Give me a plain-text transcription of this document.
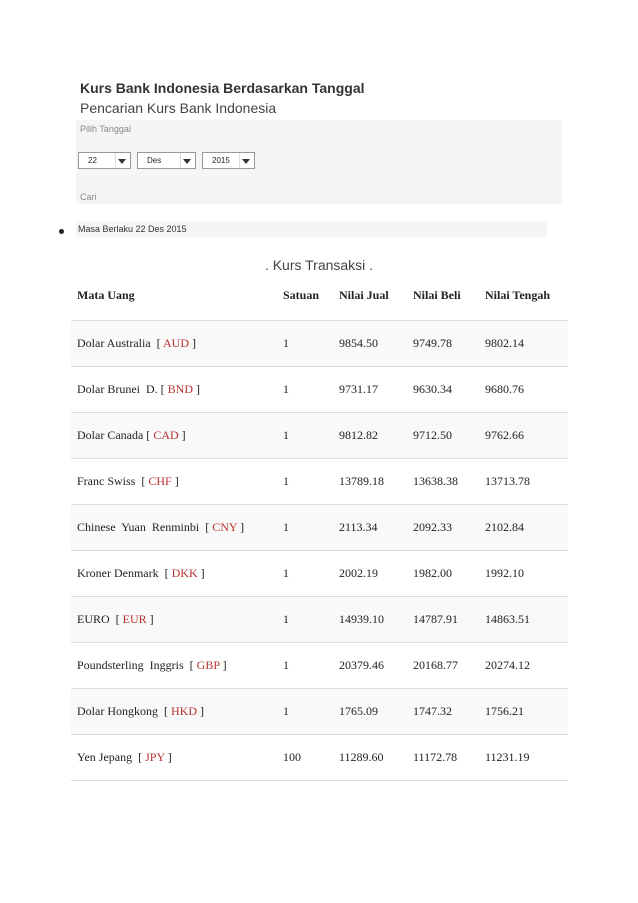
Kurs Bank Indonesia Berdasarkan Tanggal
Pencarian Kurs Bank Indonesia
Pilih Tanggal
22	Des	2015
Cari
Masa Berlaku 22 Des 2015
. Kurs Transaksi .
Mata Uang	Satuan	Nilai Jual	Nilai Beli	Nilai Tengah
Dolar Australia  [ AUD ]	1	9854.50	9749.78	9802.14
Dolar Brunei  D. [ BND ]	1	9731.17	9630.34	9680.76
Dolar Canada [ CAD ]	1	9812.82	9712.50	9762.66
Franc Swiss  [ CHF ]	1	13789.18	13638.38	13713.78
Chinese  Yuan  Renminbi  [ CNY ]	1	2113.34	2092.33	2102.84
Kroner Denmark  [ DKK ]	1	2002.19	1982.00	1992.10
EURO  [ EUR ]	1	14939.10	14787.91	14863.51
Poundsterling  Inggris  [ GBP ]	1	20379.46	20168.77	20274.12
Dolar Hongkong  [ HKD ]	1	1765.09	1747.32	1756.21
Yen Jepang  [ JPY ]	100	11289.60	11172.78	11231.19
